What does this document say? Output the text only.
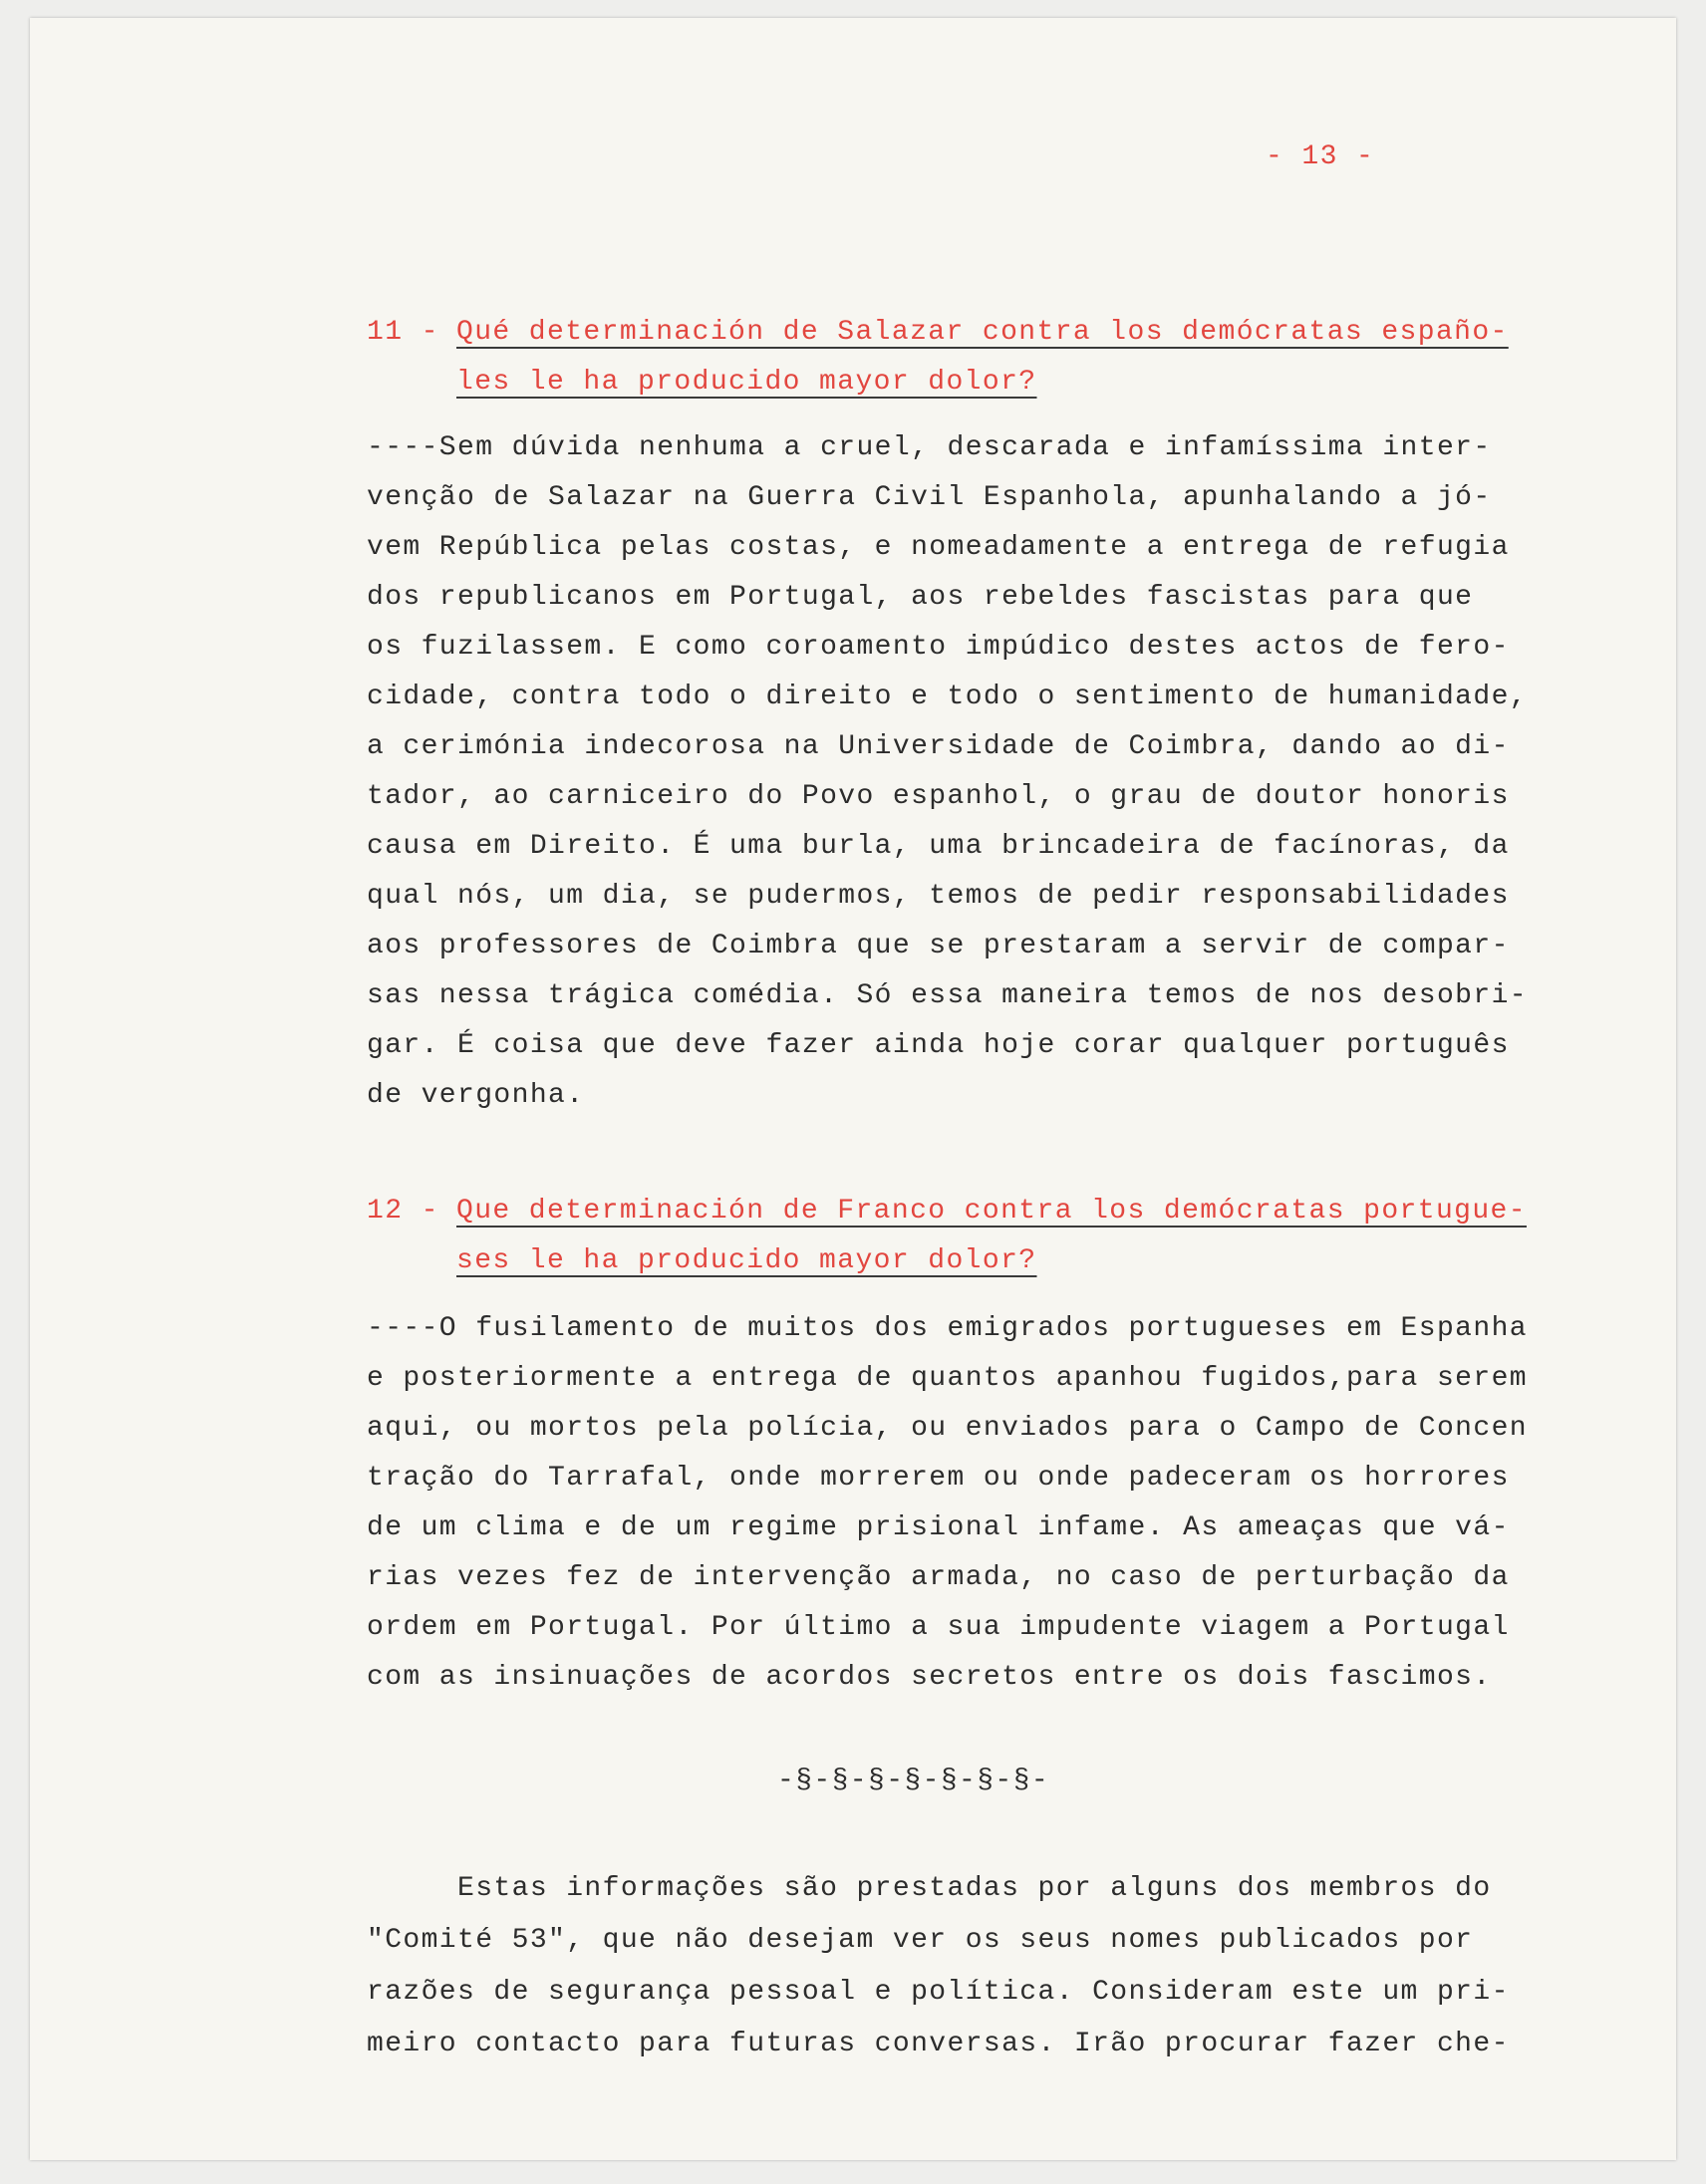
- 13 -
11 - Qué determinación de Salazar contra los demócratas españo-
les le ha producido mayor dolor?

----Sem dúvida nenhuma a cruel, descarada e infamíssima inter-

venção de Salazar na Guerra Civil Espanhola, apunhalando a jó-

vem República pelas costas, e nomeadamente a entrega de refugia

dos republicanos em Portugal, aos rebeldes fascistas para que

os fuzilassem. E como coroamento impúdico destes actos de fero-

cidade, contra todo o direito e todo o sentimento de humanidade,

a cerimónia indecorosa na Universidade de Coimbra, dando ao di-

tador, ao carniceiro do Povo espanhol, o grau de doutor honoris

causa em Direito. É uma burla, uma brincadeira de facínoras, da

qual nós, um dia, se pudermos, temos de pedir responsabilidades

aos professores de Coimbra que se prestaram a servir de compar-

sas nessa trágica comédia. Só essa maneira temos de nos desobri-

gar. É coisa que deve fazer ainda hoje corar qualquer português

de vergonha.

12 - Que determinación de Franco contra los demócratas portugue-
ses le ha producido mayor dolor?

----O fusilamento de muitos dos emigrados portugueses em Espanha

e posteriormente a entrega de quantos apanhou fugidos,para serem

aqui, ou mortos pela polícia, ou enviados para o Campo de Concen

tração do Tarrafal, onde morrerem ou onde padeceram os horrores

de um clima e de um regime prisional infame. As ameaças que vá-

rias vezes fez de intervenção armada, no caso de perturbação da

ordem em Portugal. Por último a sua impudente viagem a Portugal

com as insinuações de acordos secretos entre os dois fascimos.

-§-§-§-§-§-§-§-

Estas informações são prestadas por alguns dos membros do

"Comité 53", que não desejam ver os seus nomes publicados por

razões de segurança pessoal e política. Consideram este um pri-

meiro contacto para futuras conversas. Irão procurar fazer che-
